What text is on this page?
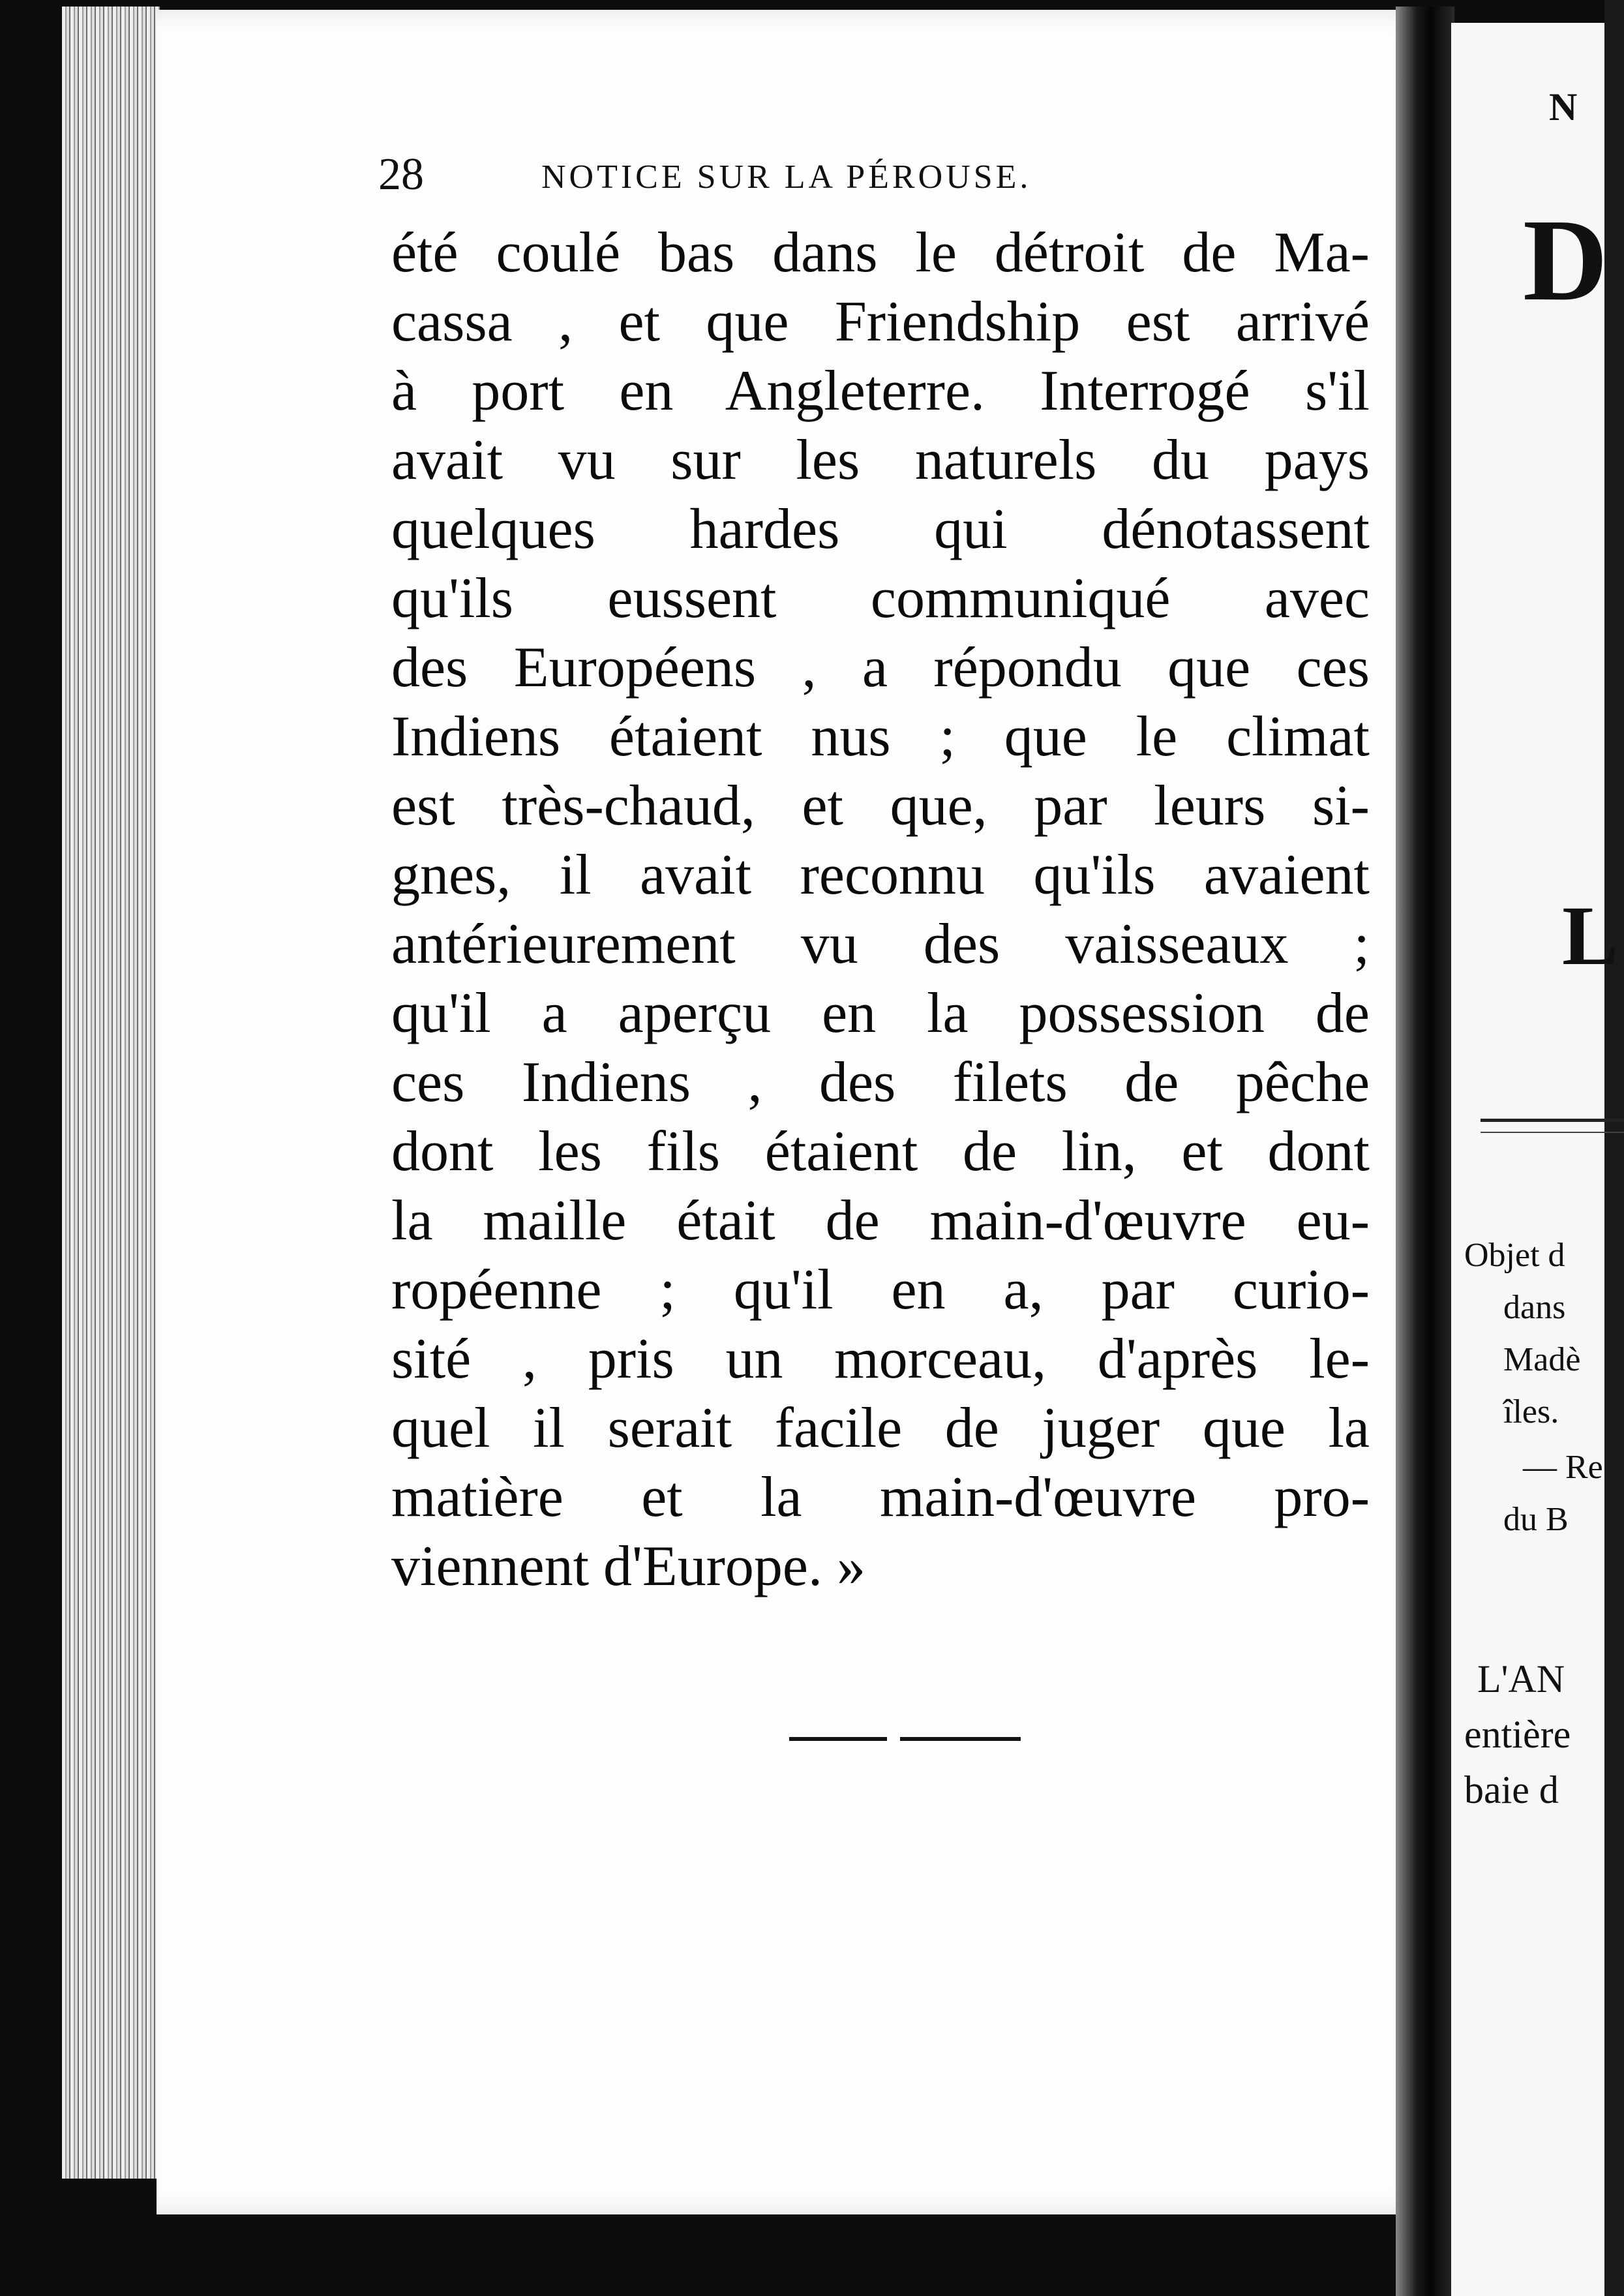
28	NOTICE SUR LA PÉROUSE.
été coulé bas dans le détroit de Ma-
cassa , et que Friendship est arrivé
à port en Angleterre. Interrogé s'il
avait vu sur les naturels du pays
quelques hardes qui dénotassent
qu'ils eussent communiqué avec
des Européens , a répondu que ces
Indiens étaient nus ; que le climat
est très-chaud, et que, par leurs si-
gnes, il avait reconnu qu'ils avaient
antérieurement vu des vaisseaux ;
qu'il a aperçu en la possession de
ces Indiens , des filets de pêche
dont les fils étaient de lin, et dont
la maille était de main-d'œuvre eu-
ropéenne ; qu'il en a, par curio-
sité , pris un morceau, d'après le-
quel il serait facile de juger que la
matière et la main-d'œuvre pro-
viennent d'Europe. »
N
D
L
Objet d
dans
Madè
îles.
— Re
du B
L'AN
entière
baie d
